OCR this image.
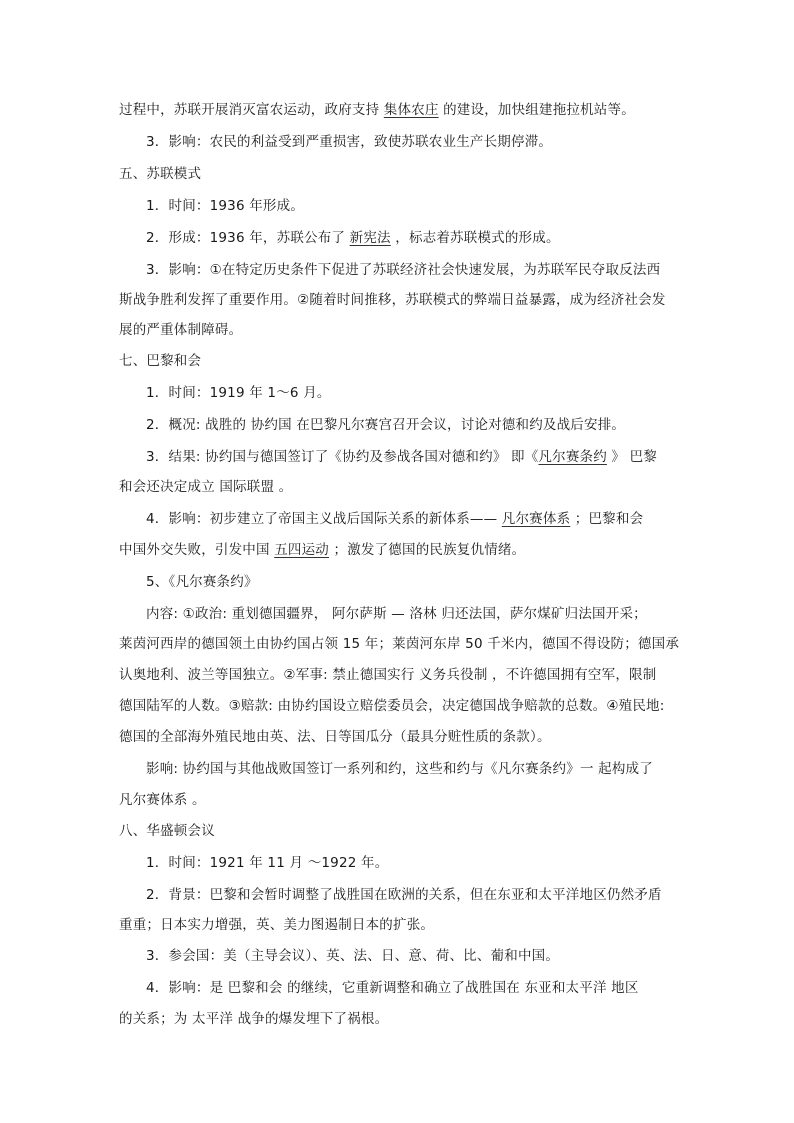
过程中，苏联开展消灭富农运动，政府支持 集体农庄 的建设，加快组建拖拉机站等。
3．影响：农民的利益受到严重损害，致使苏联农业生产长期停滞。
五、苏联模式
1．时间：1936 年形成。
2．形成：1936 年，苏联公布了 新宪法 ，标志着苏联模式的形成。
3．影响：①在特定历史条件下促进了苏联经济社会快速发展，为苏联军民夺取反法西
斯战争胜利发挥了重要作用。②随着时间推移，苏联模式的弊端日益暴露，成为经济社会发
展的严重体制障碍。
七、巴黎和会
1．时间：1919 年 1～6 月。
2．概况: 战胜的 协约国 在巴黎凡尔赛宫召开会议，讨论对德和约及战后安排。
3．结果: 协约国与德国签订了《协约及参战各国对德和约》 即《凡尔赛条约 》 巴黎
和会还决定成立 国际联盟 。
4．影响：初步建立了帝国主义战后国际关系的新体系—— 凡尔赛体系 ；巴黎和会
中国外交失败，引发中国 五四运动 ；激发了德国的民族复仇情绪。
5、《凡尔赛条约》
内容: ①政治: 重划德国疆界， 阿尔萨斯 — 洛林 归还法国，萨尔煤矿归法国开采；
莱茵河西岸的德国领土由协约国占领 15 年；莱茵河东岸 50 千米内，德国不得设防；德国承
认奥地利、波兰等国独立。②军事: 禁止德国实行 义务兵役制 ，不许德国拥有空军，限制
德国陆军的人数。③赔款: 由协约国设立赔偿委员会，决定德国战争赔款的总数。④殖民地:
德国的全部海外殖民地由英、法、日等国瓜分（最具分赃性质的条款）。
影响: 协约国与其他战败国签订一系列和约，这些和约与《凡尔赛条约》一 起构成了
凡尔赛体系 。
八、华盛顿会议
1．时间：1921 年 11 月 ～1922 年。
2．背景：巴黎和会暂时调整了战胜国在欧洲的关系，但在东亚和太平洋地区仍然矛盾
重重；日本实力增强，英、美力图遏制日本的扩张。
3．参会国：美（主导会议）、英、法、日、意、荷、比、葡和中国。
4．影响：是 巴黎和会 的继续，它重新调整和确立了战胜国在 东亚和太平洋 地区
的关系；为 太平洋 战争的爆发埋下了祸根。
